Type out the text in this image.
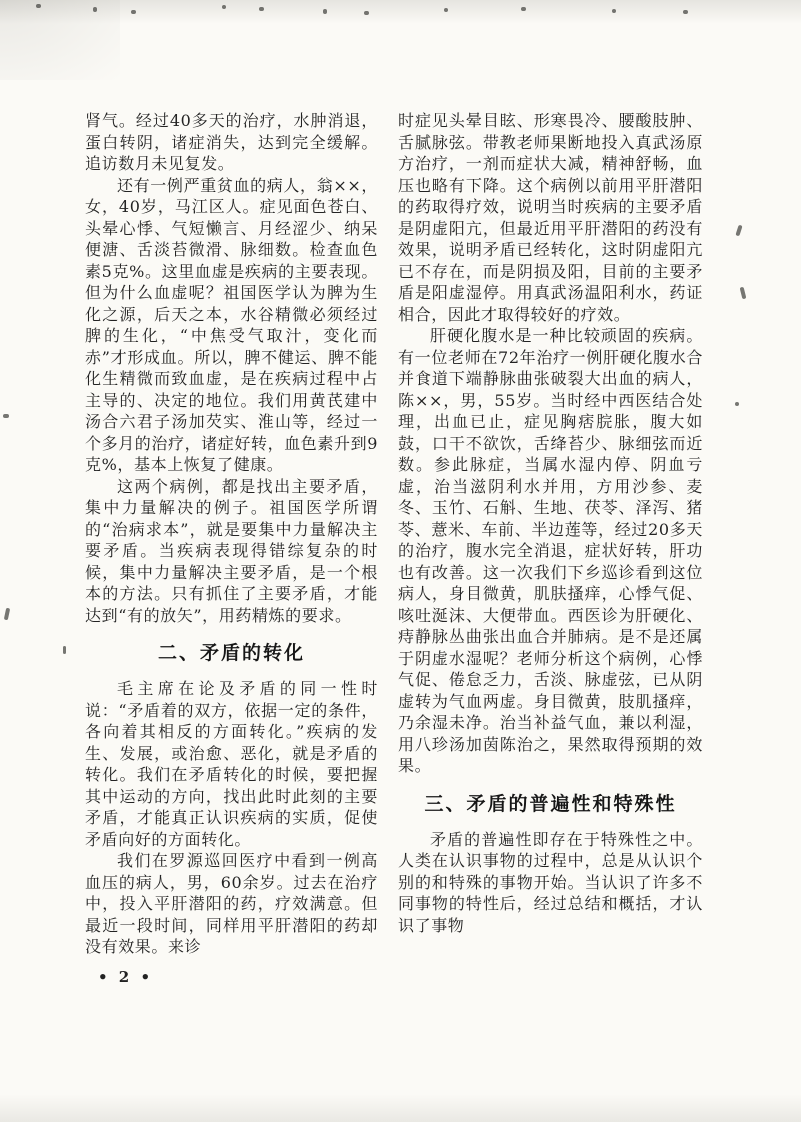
肾气。经过40多天的治疗，水肿消退，蛋白转阴，诸症消失，达到完全缓解。追访数月未见复发。

还有一例严重贫血的病人，翁××，女，40岁，马江区人。症见面色苍白、头晕心悸、气短懒言、月经涩少、纳呆便溏、舌淡苔微滑、脉细数。检查血色素5克%。这里血虚是疾病的主要表现。但为什么血虚呢？祖国医学认为脾为生化之源，后天之本，水谷精微必须经过脾的生化，“中焦受气取汁，变化而赤”才形成血。所以，脾不健运、脾不能化生精微而致血虚，是在疾病过程中占主导的、决定的地位。我们用黄芪建中汤合六君子汤加芡实、淮山等，经过一个多月的治疗，诸症好转，血色素升到9克%，基本上恢复了健康。

这两个病例，都是找出主要矛盾，集中力量解决的例子。祖国医学所谓的“治病求本”，就是要集中力量解决主要矛盾。当疾病表现得错综复杂的时候，集中力量解决主要矛盾，是一个根本的方法。只有抓住了主要矛盾，才能达到“有的放矢”，用药精炼的要求。

二、矛盾的转化

毛主席在论及矛盾的同一性时说：“矛盾着的双方，依据一定的条件，各向着其相反的方面转化。”疾病的发生、发展，或治愈、恶化，就是矛盾的转化。我们在矛盾转化的时候，要把握其中运动的方向，找出此时此刻的主要矛盾，才能真正认识疾病的实质，促使矛盾向好的方面转化。

我们在罗源巡回医疗中看到一例高血压的病人，男，60余岁。过去在治疗中，投入平肝潜阳的药，疗效满意。但最近一段时间，同样用平肝潜阳的药却没有效果。来诊

时症见头晕目眩、形寒畏冷、腰酸肢肿、舌腻脉弦。带教老师果断地投入真武汤原方治疗，一剂而症状大减，精神舒畅，血压也略有下降。这个病例以前用平肝潜阳的药取得疗效，说明当时疾病的主要矛盾是阴虚阳亢，但最近用平肝潜阳的药没有效果，说明矛盾已经转化，这时阴虚阳亢已不存在，而是阴损及阳，目前的主要矛盾是阳虚湿停。用真武汤温阳利水，药证相合，因此才取得较好的疗效。

肝硬化腹水是一种比较顽固的疾病。有一位老师在72年治疗一例肝硬化腹水合并食道下端静脉曲张破裂大出血的病人，陈××，男，55岁。当时经中西医结合处理，出血已止，症见胸痞脘胀，腹大如鼓，口干不欲饮，舌绛苔少、脉细弦而近数。参此脉症，当属水湿内停、阴血亏虚，治当滋阴利水并用，方用沙参、麦冬、玉竹、石斛、生地、茯苓、泽泻、猪苓、薏米、车前、半边莲等，经过20多天的治疗，腹水完全消退，症状好转，肝功也有改善。这一次我们下乡巡诊看到这位病人，身目微黄，肌肤搔痒，心悸气促、咳吐涎沫、大便带血。西医诊为肝硬化、痔静脉丛曲张出血合并肺病。是不是还属于阴虚水湿呢？老师分析这个病例，心悸气促、倦怠乏力，舌淡、脉虚弦，已从阴虚转为气血两虚。身目微黄，肢肌搔痒，乃余湿未净。治当补益气血，兼以利湿，用八珍汤加茵陈治之，果然取得预期的效果。

三、矛盾的普遍性和特殊性

矛盾的普遍性即存在于特殊性之中。人类在认识事物的过程中，总是从认识个别的和特殊的事物开始。当认识了许多不同事物的特性后，经过总结和概括，才认识了事物

• 2 •
